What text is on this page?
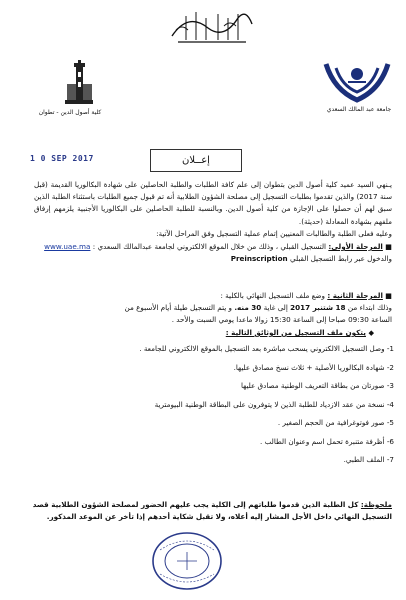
كلية أصول الدين - تطوان	جامعة عبد المالك السعدي
1 0 SEP 2017	إعــلان
يـنهي السيد عميد كلية أصول الدين بتطوان إلى علم كافة الطلبات والطلبة الحاصلين على شهادة البكالوريا القديمة (قبل سنة 2017) والذين تقدموا بطلبات التسجيل إلى مصلحة الشؤون الطلابية أنه تم قبول جميع الطلبات باستثناء الطلبة الذين سبق لهم أن حصلوا على الإجازة من كلية أصول الدين. وبالنسبة للطلبة الحاصلين على البكالوريا الأجنبية يلزمهم إرفاق ملفهم بشهادة المعادلة (حديثة).
وعليه فعلى الطلبة والطالبات المعنيين إتمام عملية التسجيل وفق المراحل الآتية:
■ المرحلة الأولى: التسجيل القبلي ، وذلك من خلال الموقع الالكتروني لجامعة عبدالمالك السعدي : www.uae.ma
والدخول عبر رابط التسجيل القبلي Preinscription
■ المرحلة الثانية : وضع ملف التسجيل النهائي بالكلية :
وذلك ابتداء من 18 شتنبر 2017 إلى غاية 30 منه. و يتم التسجيل طيلة أيام الأسبوع من
الساعة 09:30 صباحا إلى الساعة 15:30 زوالا ماعدا يومي السبت والأحد .
◆ يتكون ملف التسجيل من الوثائق التالية :
1- وصل التسجيل الالكتروني يسحب مباشرة بعد التسجيل بالموقع الالكتروني للجامعة .
2- شهادة البكالوريا الأصلية + ثلاث نسخ مصادق عليها.
3- صورتان من بطاقة التعريف الوطنية مصادق عليها
4- نسخة من عقد الازدياد للطلبة الذين لا يتوفرون على البطاقة الوطنية البيومترية
5- صور فوتوغرافية من الحجم الصغير .
6- أظرفة متنبرة تحمل اسم وعنوان الطالب .
7- الملف الطبي.
ملحوظة: كل الطلبة الذين قدموا طلباتهم إلى الكلية يجب عليهم الحضور لمصلحة الشؤون الطلابية قصد التسجيل النهائي داخل الأجل المشار إليه أعلاه، ولا تقبل شكاية أحدهم إذا تأخر عن الموعد المذكور.
